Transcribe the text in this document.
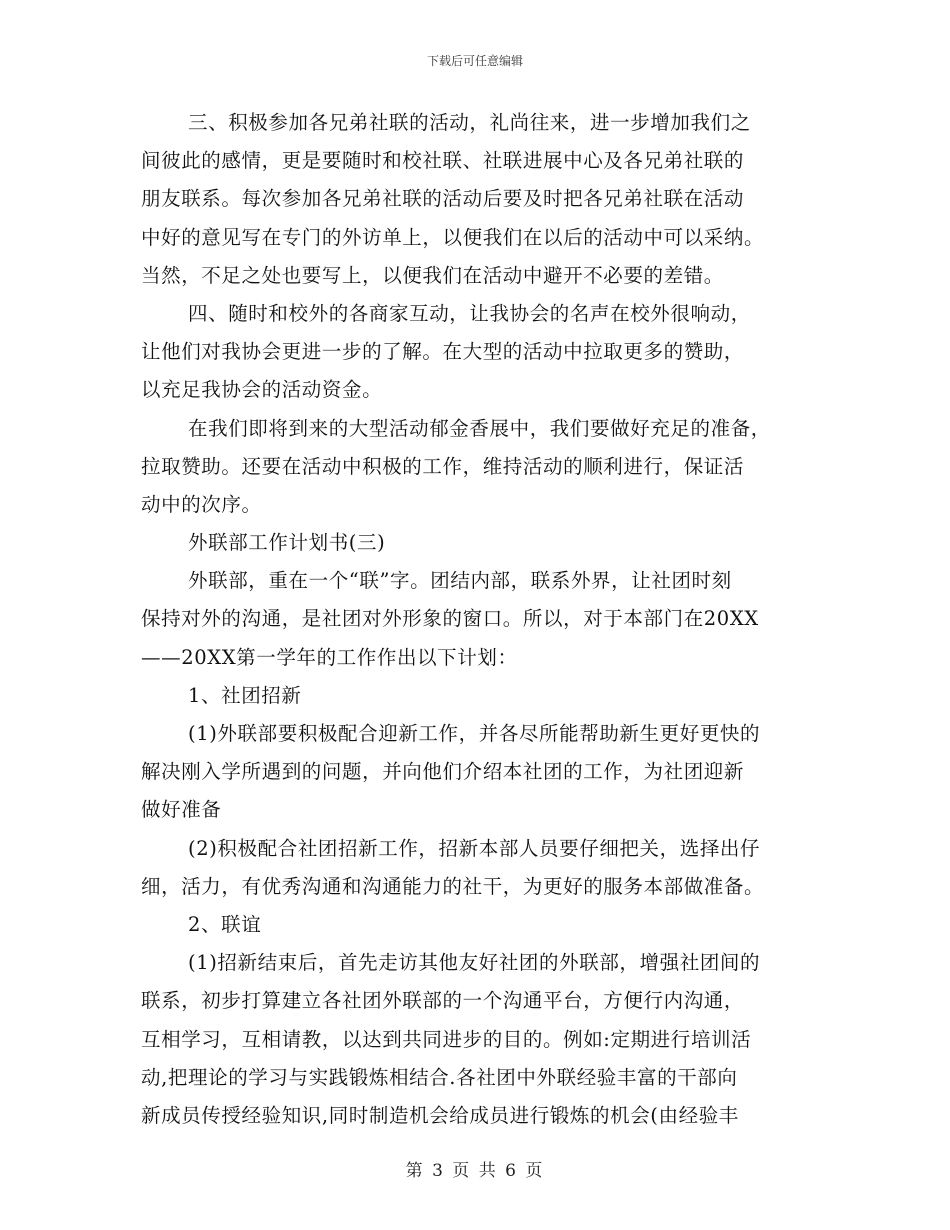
下载后可任意编辑
三、积极参加各兄弟社联的活动，礼尚往来，进一步增加我们之
间彼此的感情，更是要随时和校社联、社联进展中心及各兄弟社联的
朋友联系。每次参加各兄弟社联的活动后要及时把各兄弟社联在活动
中好的意见写在专门的外访单上，以便我们在以后的活动中可以采纳。
当然，不足之处也要写上，以便我们在活动中避开不必要的差错。
四、随时和校外的各商家互动，让我协会的名声在校外很响动，
让他们对我协会更进一步的了解。在大型的活动中拉取更多的赞助，
以充足我协会的活动资金。
在我们即将到来的大型活动郁金香展中，我们要做好充足的准备，
拉取赞助。还要在活动中积极的工作，维持活动的顺利进行，保证活
动中的次序。
外联部工作计划书(三)
外联部，重在一个“联”字。团结内部，联系外界，让社团时刻
保持对外的沟通，是社团对外形象的窗口。所以，对于本部门在20XX
——20XX第一学年的工作作出以下计划：
1、社团招新
(1)外联部要积极配合迎新工作，并各尽所能帮助新生更好更快的
解决刚入学所遇到的问题，并向他们介绍本社团的工作，为社团迎新
做好准备
(2)积极配合社团招新工作，招新本部人员要仔细把关，选择出仔
细，活力，有优秀沟通和沟通能力的社干，为更好的服务本部做准备。
2、联谊
(1)招新结束后，首先走访其他友好社团的外联部，增强社团间的
联系，初步打算建立各社团外联部的一个沟通平台，方便行内沟通，
互相学习，互相请教，以达到共同进步的目的。例如:定期进行培训活
动,把理论的学习与实践锻炼相结合.各社团中外联经验丰富的干部向
新成员传授经验知识,同时制造机会给成员进行锻炼的机会(由经验丰
第 3 页 共 6 页
